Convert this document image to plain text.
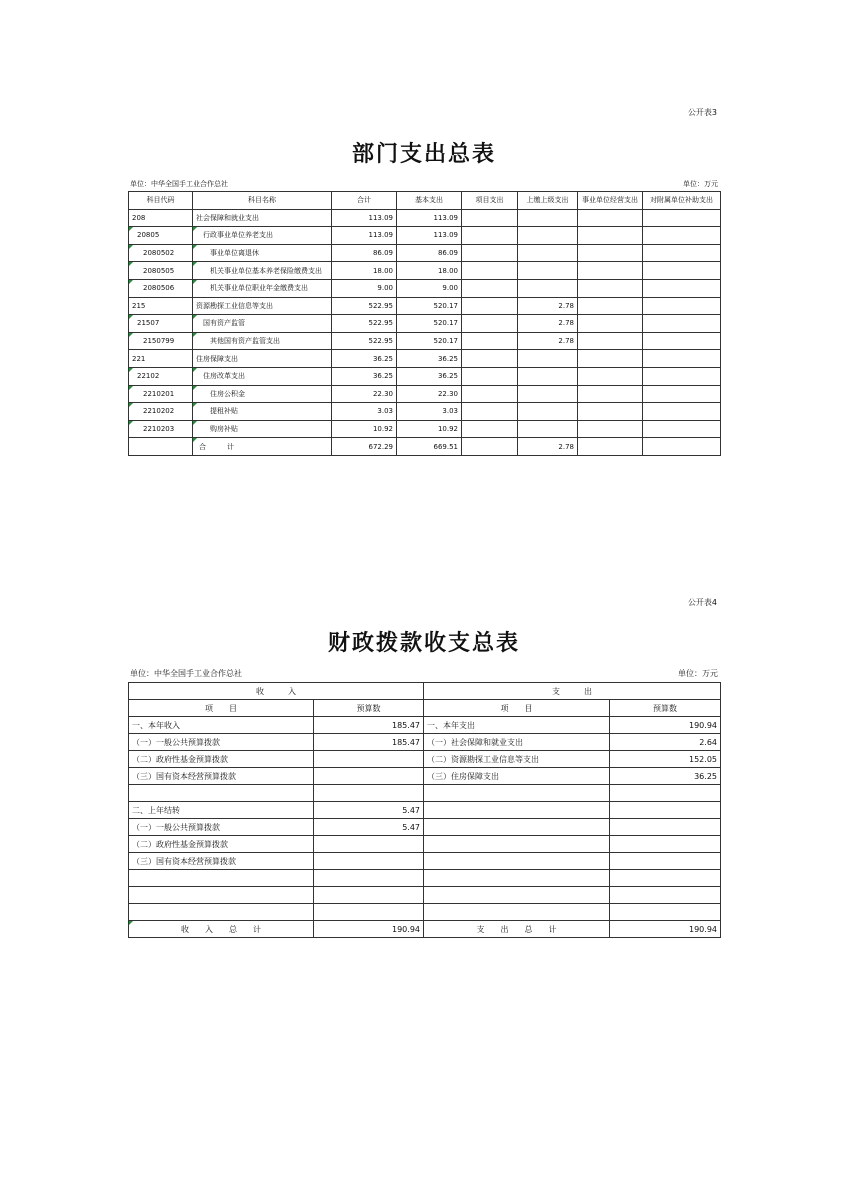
公开表3
部门支出总表
单位：中华全国手工业合作总社	单位：万元
科目代码	科目名称	合计	基本支出	项目支出	上缴上级支出	事业单位经营支出	对附属单位补助支出
208	社会保障和就业支出	113.09	113.09				
20805	行政事业单位养老支出	113.09	113.09				
2080502	事业单位离退休	86.09	86.09				
2080505	机关事业单位基本养老保险缴费支出	18.00	18.00				
2080506	机关事业单位职业年金缴费支出	9.00	9.00				
215	资源勘探工业信息等支出	522.95	520.17		2.78		
21507	国有资产监管	522.95	520.17		2.78		
2150799	其他国有资产监管支出	522.95	520.17		2.78		
221	住房保障支出	36.25	36.25				
22102	住房改革支出	36.25	36.25				
2210201	住房公积金	22.30	22.30				
2210202	提租补贴	3.03	3.03				
2210203	购房补贴	10.92	10.92				
	合　　　计	672.29	669.51		2.78		
公开表4
财政拨款收支总表
单位：中华全国手工业合作总社	单位：万元
收　　　入		支　　　出	
项　　目	预算数	项　　目	预算数
一、本年收入	185.47	一、本年支出	190.94
（一）一般公共预算拨款	185.47	（一）社会保障和就业支出	2.64
（二）政府性基金预算拨款		（二）资源勘探工业信息等支出	152.05
（三）国有资本经营预算拨款		（三）住房保障支出	36.25

二、上年结转	5.47		
（一）一般公共预算拨款	5.47		
（二）政府性基金预算拨款			
（三）国有资本经营预算拨款			

收　　入　　总　　计	190.94	支　　出　　总　　计	190.94
